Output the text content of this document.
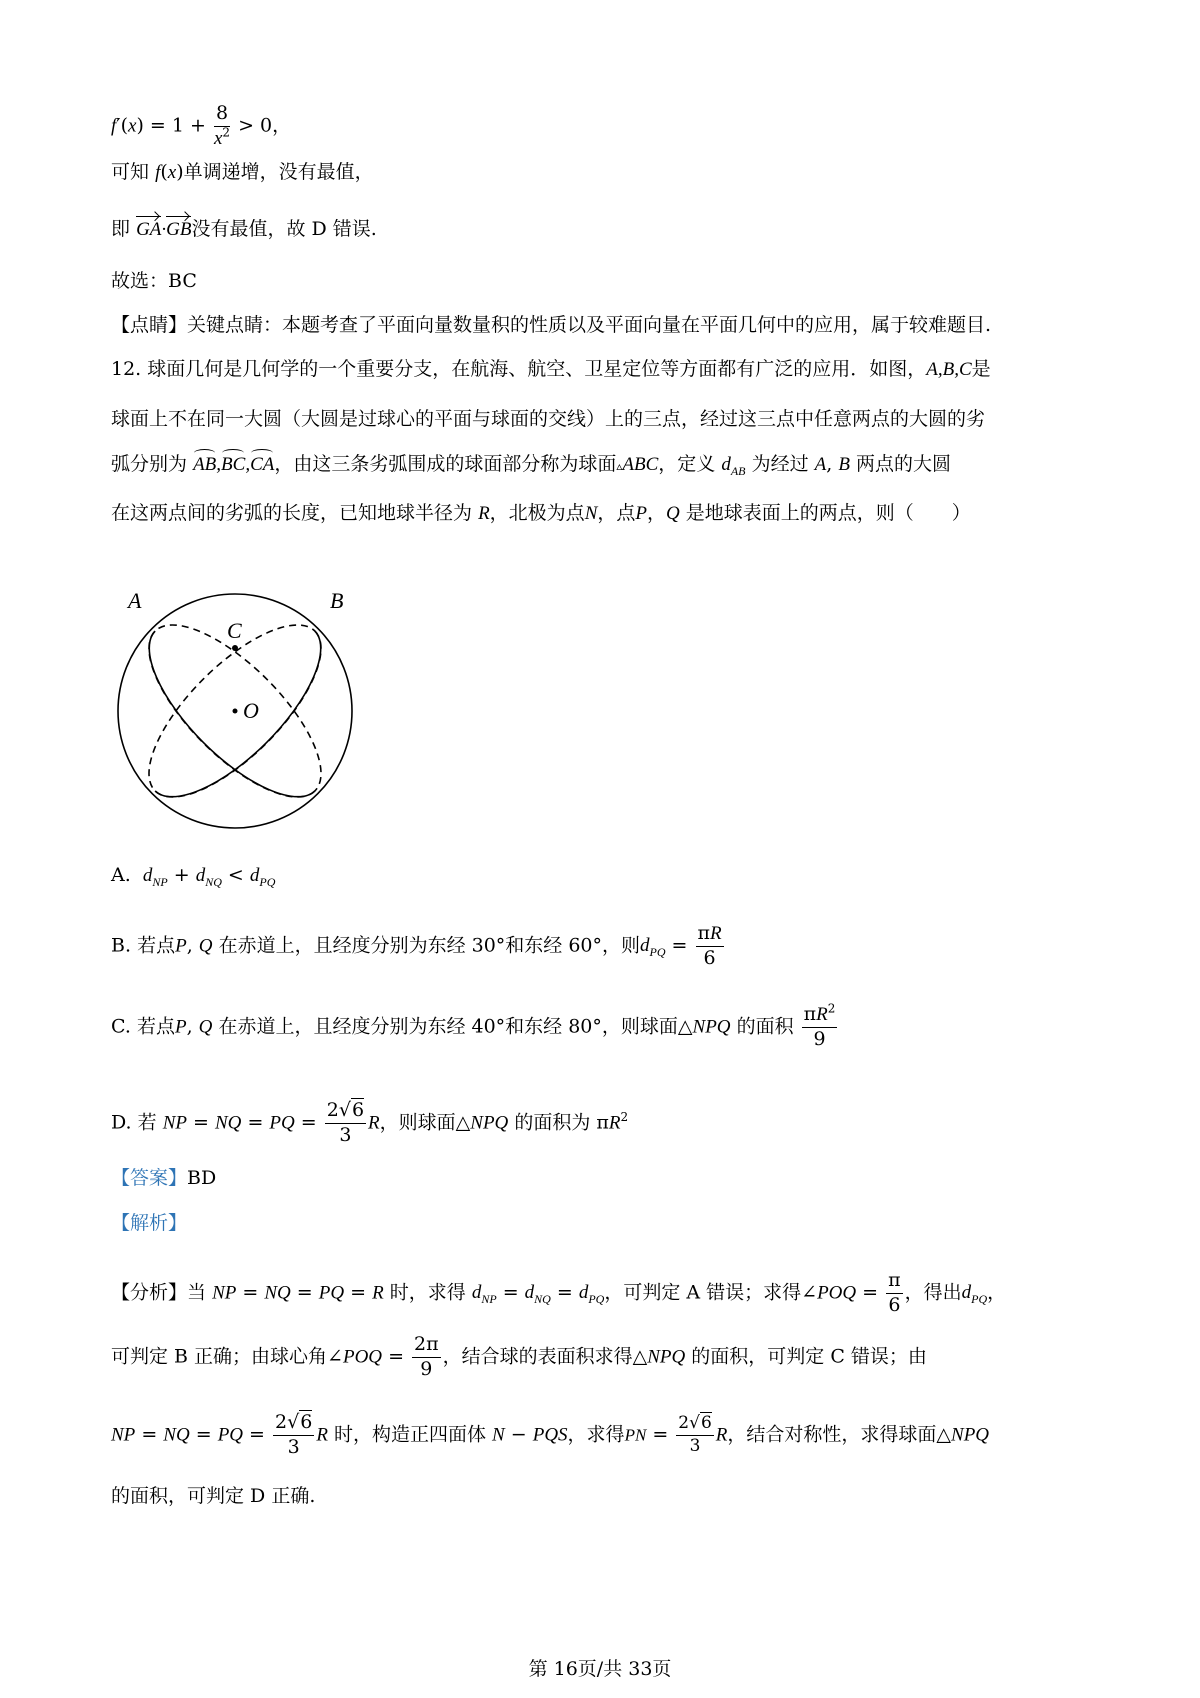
$f'(x) = 1 + \frac{8}{x^2} > 0$，
可知 f(x)单调递增，没有最值，
即 GA·GB没有最值，故 D 错误.
故选：BC
【点睛】关键点睛：本题考查了平面向量数量积的性质以及平面向量在平面几何中的应用，属于较难题目.
12. 球面几何是几何学的一个重要分支，在航海、航空、卫星定位等方面都有广泛的应用．如图，A,B,C是
球面上不在同一大圆（大圆是过球心的平面与球面的交线）上的三点，经过这三点中任意两点的大圆的劣
弧分别为 AB,BC,CA，由这三条劣弧围成的球面部分称为球面▵ABC，定义 $d_{AB}$ 为经过 A, B 两点的大圆
在这两点间的劣弧的长度，已知地球半径为 R，北极为点N，点P，Q 是地球表面上的两点，则（　　）
A	B
C
O
A. $d_{NP} + d_{NQ} < d_{PQ}$
B. 若点P, Q 在赤道上，且经度分别为东经 30°和东经 60°，则$d_{PQ} = \frac{\pi R}{6}$
C. 若点P, Q 在赤道上，且经度分别为东经 40°和东经 80°，则球面△NPQ 的面积 $\frac{\pi R^2}{9}$
D. 若 NP = NQ = PQ = $\frac{2√6}{3}$ R，则球面△NPQ 的面积为 $\pi R^2$
【答案】BD
【解析】
【分析】当 NP = NQ = PQ = R 时，求得 $d_{NP} = d_{NQ} = d_{PQ}$，可判定 A 错误；求得∠POQ = $\frac{\pi}{6}$ ，得出$d_{PQ}$，
可判定 B 正确；由球心角∠POQ = $\frac{2\pi}{9}$ ，结合球的表面积求得△NPQ 的面积，可判定 C 错误；由
NP = NQ = PQ = $\frac{2√6}{3}$ R 时，构造正四面体 N − PQS，求得PN = $\frac{2√6}{3}$ R，结合对称性，求得球面△NPQ
的面积，可判定 D 正确.
第 16页/共 33页
